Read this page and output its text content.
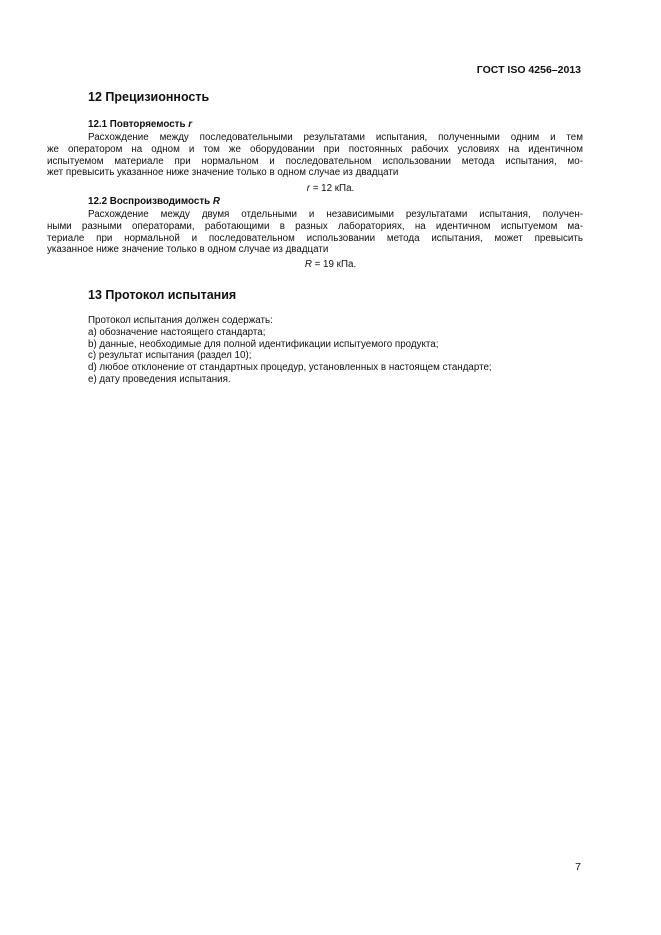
ГОСТ ISO 4256–2013
12 Прецизионность
12.1 Повторяемость r
Расхождение между последовательными результатами испытания, полученными одним и тем
же оператором на одном и том же оборудовании при постоянных рабочих условиях на идентичном
испытуемом материале при нормальном и последовательном использовании метода испытания, мо-
жет превысить указанное ниже значение только в одном случае из двадцати
r = 12 кПа.
12.2 Воспроизводимость R
Расхождение между двумя отдельными и независимыми результатами испытания, получен-
ными разными операторами, работающими в разных лабораториях, на идентичном испытуемом ма-
териале при нормальной и последовательном использовании метода испытания, может превысить
указанное ниже значение только в одном случае из двадцати
R = 19 кПа.
13 Протокол испытания
Протокол испытания должен содержать:
а) обозначение настоящего стандарта;
b) данные, необходимые для полной идентификации испытуемого продукта;
c) результат испытания (раздел 10);
d) любое отклонение от стандартных процедур, установленных в настоящем стандарте;
e) дату проведения испытания.
7
